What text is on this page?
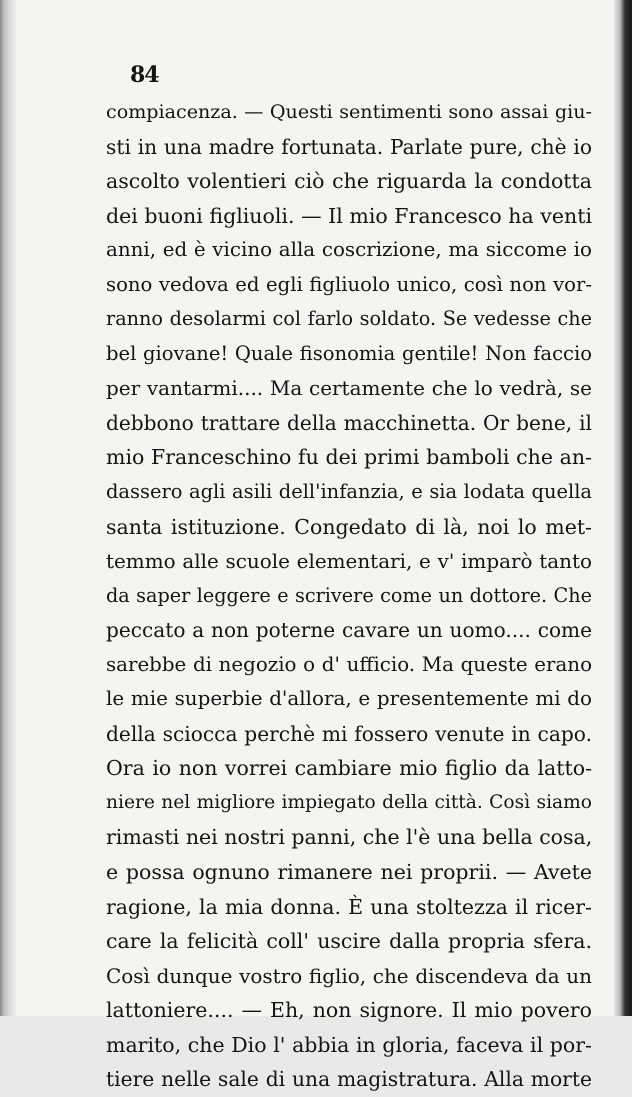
84
compiacenza. — Questi sentimenti sono assai giu-
sti in una madre fortunata. Parlate pure, chè io
ascolto volentieri ciò che riguarda la condotta
dei buoni figliuoli. — Il mio Francesco ha venti
anni, ed è vicino alla coscrizione, ma siccome io
sono vedova ed egli figliuolo unico, così non vor-
ranno desolarmi col farlo soldato. Se vedesse che
bel giovane! Quale fisonomia gentile! Non faccio
per vantarmi.... Ma certamente che lo vedrà, se
debbono trattare della macchinetta. Or bene, il
mio Franceschino fu dei primi bamboli che an-
dassero agli asili dell'infanzia, e sia lodata quella
santa istituzione. Congedato di là, noi lo met-
temmo alle scuole elementari, e v' imparò tanto
da saper leggere e scrivere come un dottore. Che
peccato a non poterne cavare un uomo.... come
sarebbe di negozio o d' ufficio. Ma queste erano
le mie superbie d'allora, e presentemente mi do
della sciocca perchè mi fossero venute in capo.
Ora io non vorrei cambiare mio figlio da latto-
niere nel migliore impiegato della città. Così siamo
rimasti nei nostri panni, che l'è una bella cosa,
e possa ognuno rimanere nei proprii. — Avete
ragione, la mia donna. È una stoltezza il ricer-
care la felicità coll' uscire dalla propria sfera.
Così dunque vostro figlio, che discendeva da un
lattoniere.... — Eh, non signore. Il mio povero
marito, che Dio l' abbia in gloria, faceva il por-
tiere nelle sale di una magistratura. Alla morte
